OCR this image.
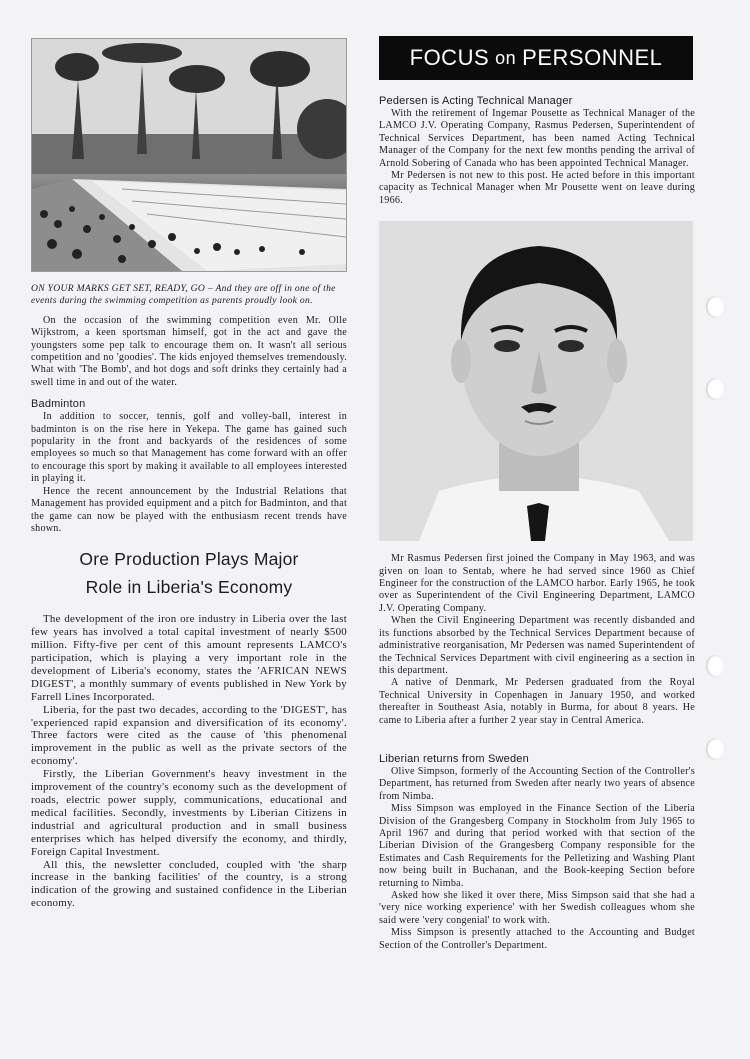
ON YOUR MARKS GET SET, READY, GO – And they are off in one of the events during the swimming competition as parents proudly look on.

On the occasion of the swimming competition even Mr. Olle Wijkstrom, a keen sportsman himself, got in the act and gave the youngsters some pep talk to encourage them on. It wasn't all serious competition and no 'goodies'. The kids enjoyed themselves tremendously. What with 'The Bomb', and hot dogs and soft drinks they certainly had a swell time in and out of the water.

Badminton

In addition to soccer, tennis, golf and volley-ball, interest in badminton is on the rise here in Yekepa. The game has gained such popularity in the front and backyards of the residences of some employees so much so that Management has come forward with an offer to encourage this sport by making it available to all employees interested in playing it.

Hence the recent announcement by the Industrial Relations that Management has provided equipment and a pitch for Badminton, and that the game can now be played with the enthusiasm recent trends have shown.

Ore Production Plays Major
Role in Liberia's Economy

The development of the iron ore industry in Liberia over the last few years has involved a total capital investment of nearly $500 million. Fifty-five per cent of this amount represents LAMCO's participation, which is playing a very important role in the development of Liberia's economy, states the 'AFRICAN NEWS DIGEST', a monthly summary of events published in New York by Farrell Lines Incorporated.

Liberia, for the past two decades, according to the 'DIGEST', has 'experienced rapid expansion and diversification of its economy'. Three factors were cited as the cause of 'this phenomenal improvement in the public as well as the private sectors of the economy'.

Firstly, the Liberian Government's heavy investment in the improvement of the country's economy such as the development of roads, electric power supply, communications, educational and medical facilities. Secondly, investments by Liberian Citizens in industrial and agricultural production and in small business enterprises which has helped diversify the economy, and thirdly, Foreign Capital Investment.

All this, the newsletter concluded, coupled with 'the sharp increase in the banking facilities' of the country, is a strong indication of the growing and sustained confidence in the Liberian economy.

FOCUS on PERSONNEL
Pedersen is Acting Technical Manager

With the retirement of Ingemar Pousette as Technical Manager of the LAMCO J.V. Operating Company, Rasmus Pedersen, Superintendent of Technical Services Department, has been named Acting Technical Manager of the Company for the next few months pending the arrival of Arnold Sobering of Canada who has been appointed Technical Manager.

Mr Pedersen is not new to this post. He acted before in this important capacity as Technical Manager when Mr Pousette went on leave during 1966.

Mr Rasmus Pedersen first joined the Company in May 1963, and was given on loan to Sentab, where he had served since 1960 as Chief Engineer for the construction of the LAMCO harbor. Early 1965, he took over as Superintendent of the Civil Engineering Department, LAMCO J.V. Operating Company.

When the Civil Engineering Department was recently disbanded and its functions absorbed by the Technical Services Department because of administrative reorganisation, Mr Pedersen was named Superintendent of the Technical Services Department with civil engineering as a section in this department.

A native of Denmark, Mr Pedersen graduated from the Royal Technical University in Copenhagen in January 1950, and worked thereafter in Southeast Asia, notably in Burma, for about 8 years. He came to Liberia after a further 2 year stay in Central America.

Liberian returns from Sweden

Olive Simpson, formerly of the Accounting Section of the Controller's Department, has returned from Sweden after nearly two years of absence from Nimba.

Miss Simpson was employed in the Finance Section of the Liberia Division of the Grangesberg Company in Stockholm from July 1965 to April 1967 and during that period worked with that section of the Liberian Division of the Grangesberg Company responsible for the Estimates and Cash Requirements for the Pelletizing and Washing Plant now being built in Buchanan, and the Book-keeping Section before returning to Nimba.

Asked how she liked it over there, Miss Simpson said that she had a 'very nice working experience' with her Swedish colleagues whom she said were 'very congenial' to work with.

Miss Simpson is presently attached to the Accounting and Budget Section of the Controller's Department.
